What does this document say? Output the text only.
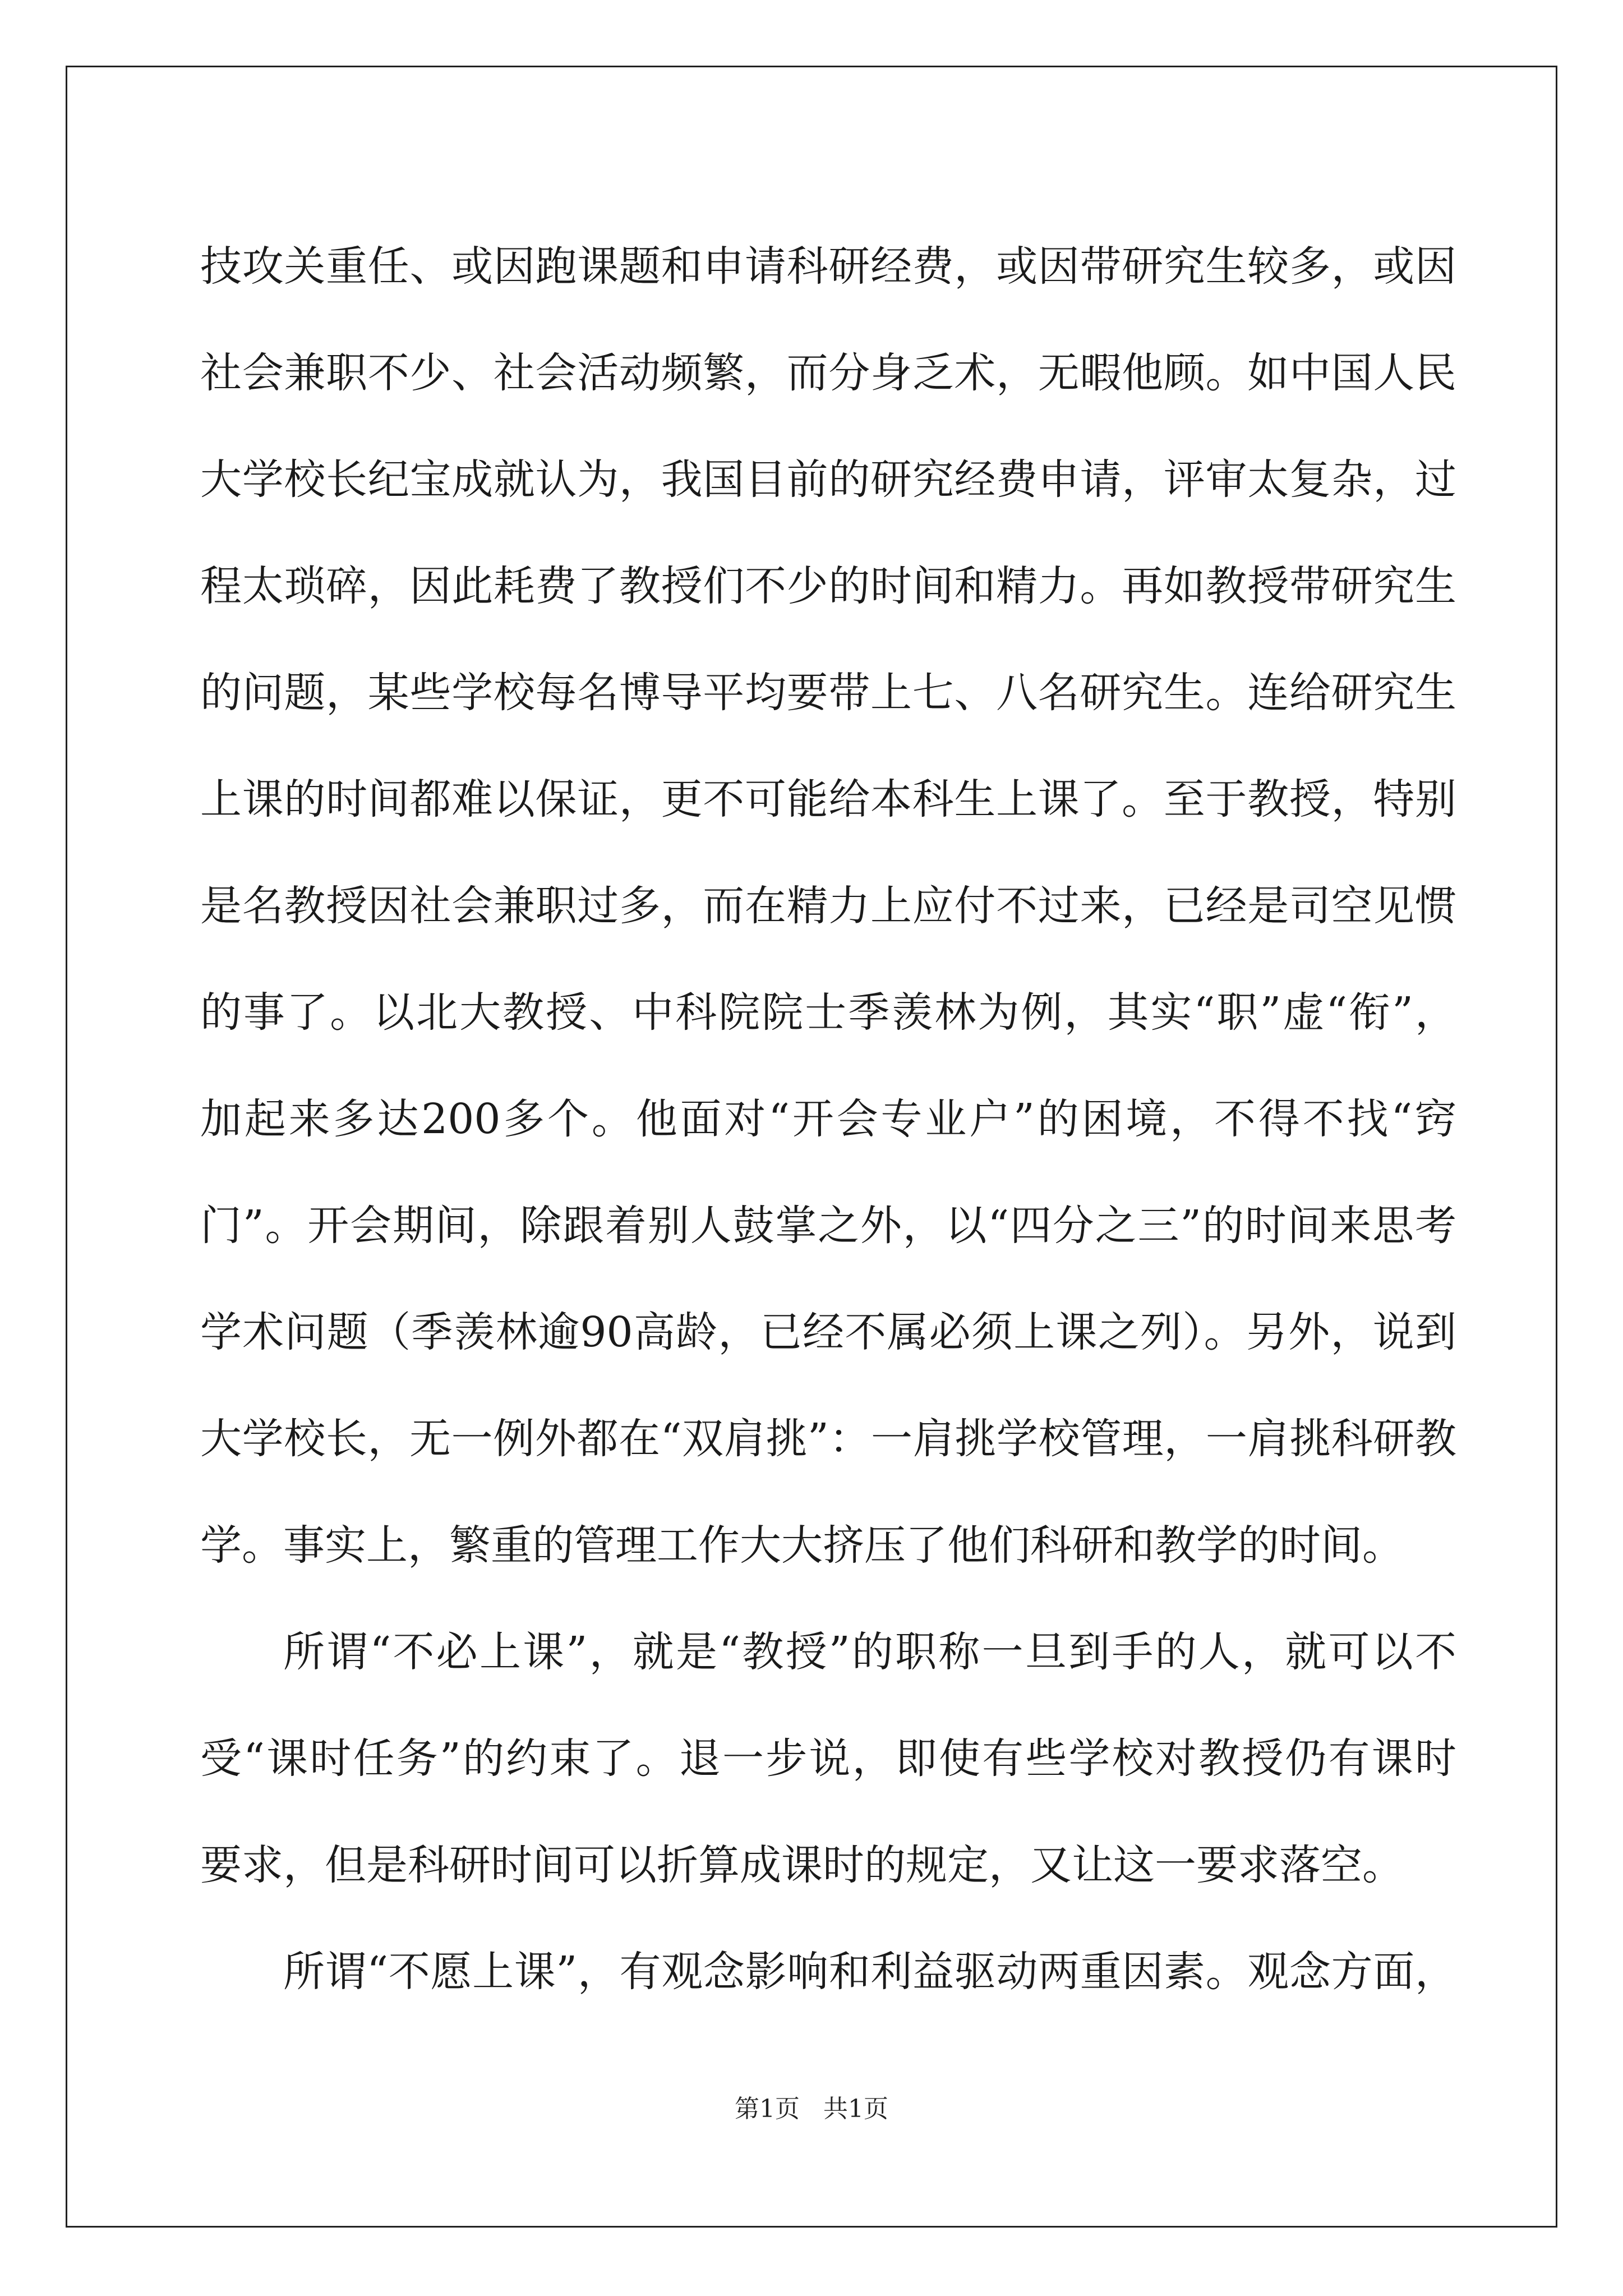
技攻关重任、或因跑课题和申请科研经费，或因带研究生较多，或因
社会兼职不少、社会活动频繁，而分身乏术，无暇他顾。如中国人民
大学校长纪宝成就认为，我国目前的研究经费申请，评审太复杂，过
程太琐碎，因此耗费了教授们不少的时间和精力。再如教授带研究生
的问题，某些学校每名博导平均要带上七、八名研究生。连给研究生
上课的时间都难以保证，更不可能给本科生上课了。至于教授，特别
是名教授因社会兼职过多，而在精力上应付不过来，已经是司空见惯
的事了。以北大教授、中科院院士季羡林为例，其实“职”虚“衔”，
加起来多达200多个。他面对“开会专业户”的困境，不得不找“窍
门”。开会期间，除跟着别人鼓掌之外，以“四分之三”的时间来思考
学术问题（季羡林逾90高龄，已经不属必须上课之列）。另外，说到
大学校长，无一例外都在“双肩挑”：一肩挑学校管理，一肩挑科研教
学。事实上，繁重的管理工作大大挤压了他们科研和教学的时间。
所谓“不必上课”，就是“教授”的职称一旦到手的人，就可以不
受“课时任务”的约束了。退一步说，即使有些学校对教授仍有课时
要求，但是科研时间可以折算成课时的规定，又让这一要求落空。
所谓“不愿上课”，有观念影响和利益驱动两重因素。观念方面，
第1页   共1页
